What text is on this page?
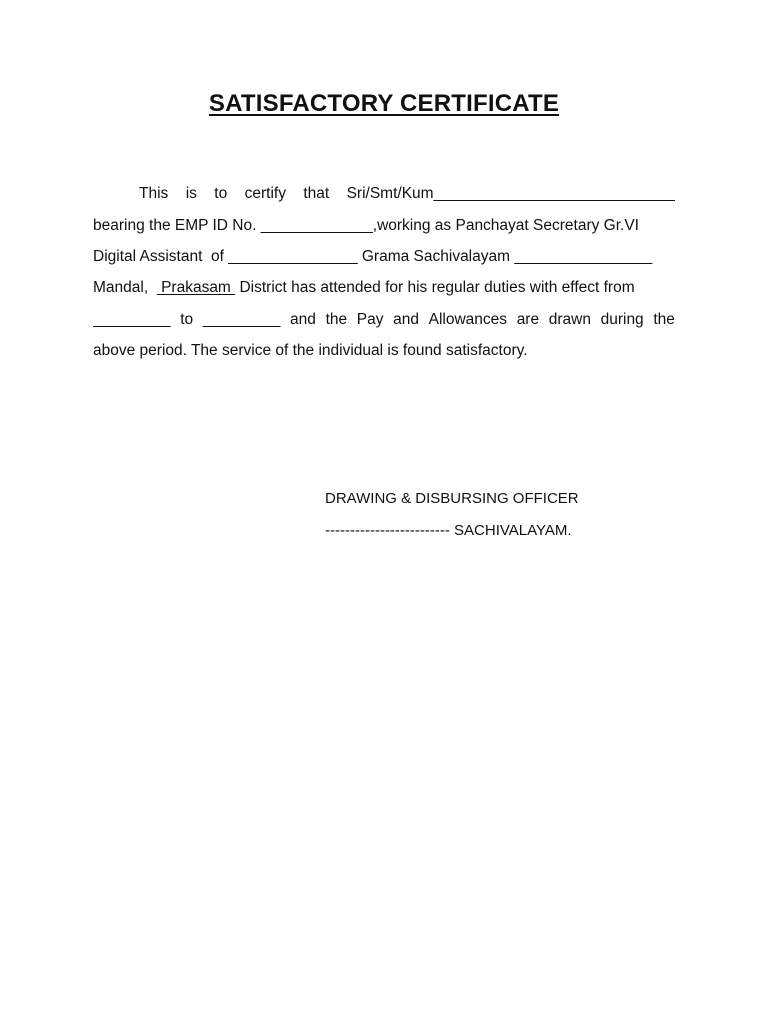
SATISFACTORY CERTIFICATE
This is to certify that Sri/Smt/Kum____________________________
bearing the EMP ID No. _____________,working as Panchayat Secretary Gr.VI
Digital Assistant  of _______________ Grama Sachivalayam ________________
Mandal,   Prakasam  District has attended for his regular duties with effect from
_________ to _________ and the Pay and Allowances are drawn during the
above period. The service of the individual is found satisfactory.
DRAWING & DISBURSING OFFICER
------------------------- SACHIVALAYAM.
